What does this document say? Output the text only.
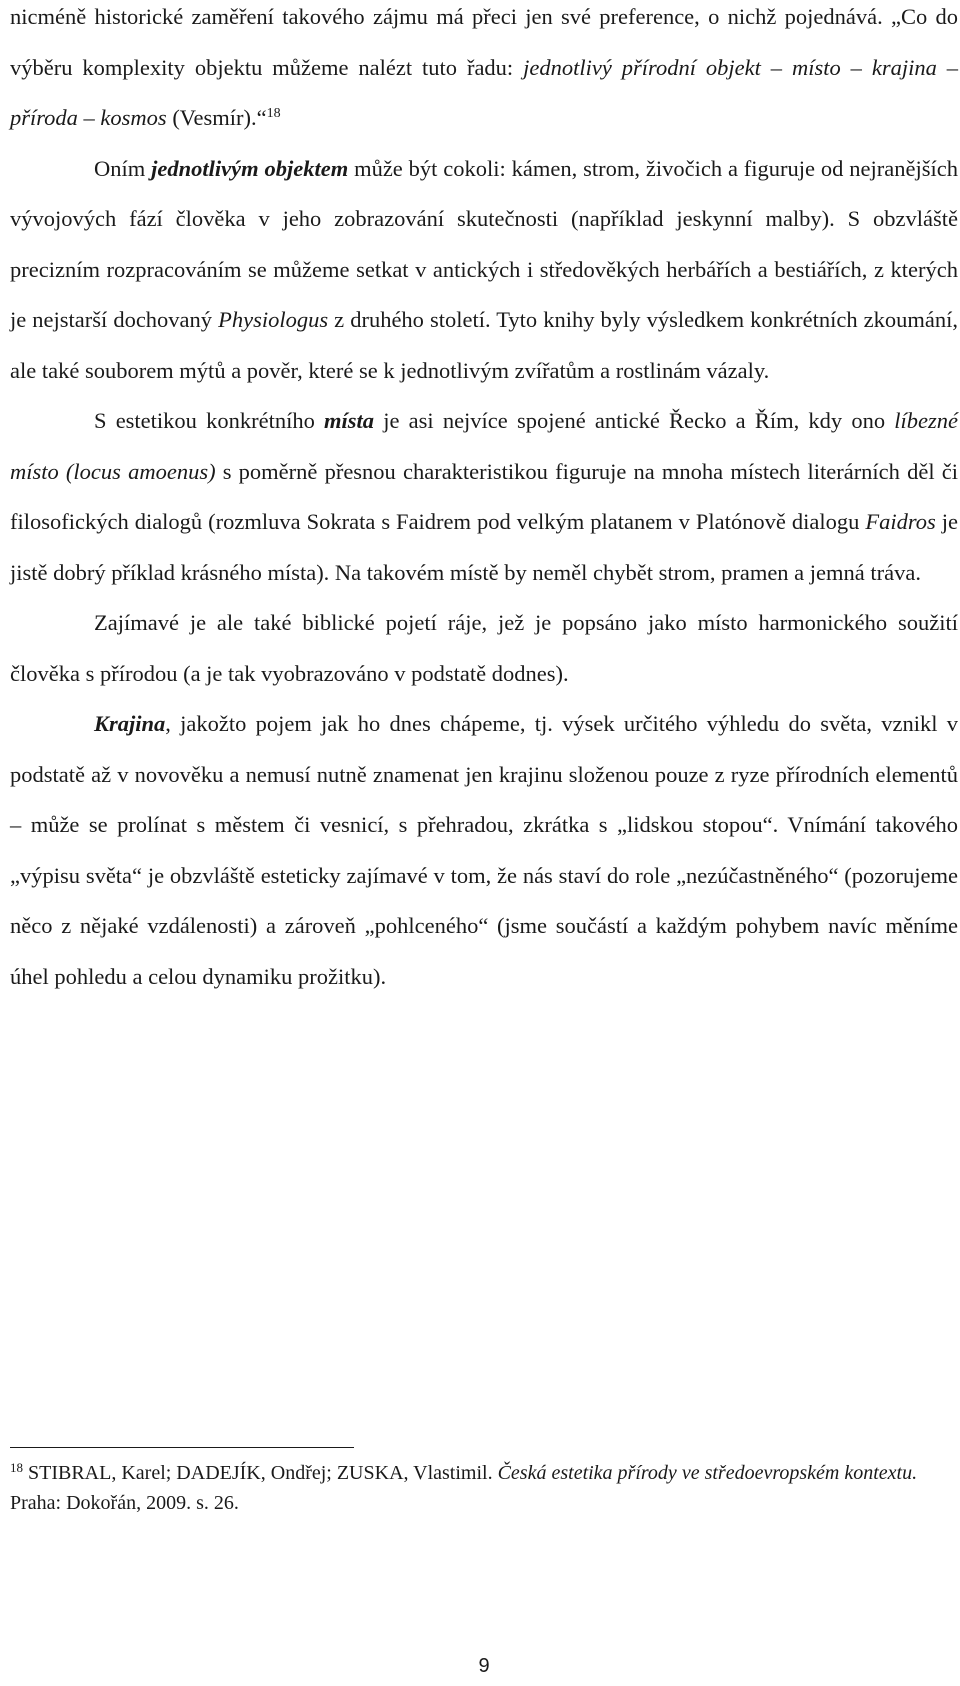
nicméně historické zaměření takového zájmu má přeci jen své preference, o nichž pojednává. „Co do výběru komplexity objektu můžeme nalézt tuto řadu: jednotlivý přírodní objekt – místo – krajina – příroda – kosmos (Vesmír).“$^{18}$

Oním jednotlivým objektem může být cokoli: kámen, strom, živočich a figuruje od nejranějších vývojových fází člověka v jeho zobrazování skutečnosti (například jeskynní malby). S obzvláště precizním rozpracováním se můžeme setkat v antických i středověkých herbářích a bestiářích, z kterých je nejstarší dochovaný Physiologus z druhého století. Tyto knihy byly výsledkem konkrétních zkoumání, ale také souborem mýtů a pověr, které se k jednotlivým zvířatům a rostlinám vázaly.

S estetikou konkrétního místa je asi nejvíce spojené antické Řecko a Řím, kdy ono líbezné místo (locus amoenus) s poměrně přesnou charakteristikou figuruje na mnoha místech literárních děl či filosofických dialogů (rozmluva Sokrata s Faidrem pod velkým platanem v Platónově dialogu Faidros je jistě dobrý příklad krásného místa). Na takovém místě by neměl chybět strom, pramen a jemná tráva.

Zajímavé je ale také biblické pojetí ráje, jež je popsáno jako místo harmonického soužití člověka s přírodou (a je tak vyobrazováno v podstatě dodnes).

Krajina, jakožto pojem jak ho dnes chápeme, tj. výsek určitého výhledu do světa, vznikl v podstatě až v novověku a nemusí nutně znamenat jen krajinu složenou pouze z ryze přírodních elementů – může se prolínat s městem či vesnicí, s přehradou, zkrátka s „lidskou stopou“. Vnímání takového „výpisu světa“ je obzvláště esteticky zajímavé v tom, že nás staví do role „nezúčastněného“ (pozorujeme něco z nějaké vzdálenosti) a zároveň „pohlceného“ (jsme součástí a každým pohybem navíc měníme úhel pohledu a celou dynamiku prožitku).

$^{18}$ STIBRAL, Karel; DADEJÍK, Ondřej; ZUSKA, Vlastimil. Česká estetika přírody ve středoevropském kontextu. Praha: Dokořán, 2009. s. 26.
9
